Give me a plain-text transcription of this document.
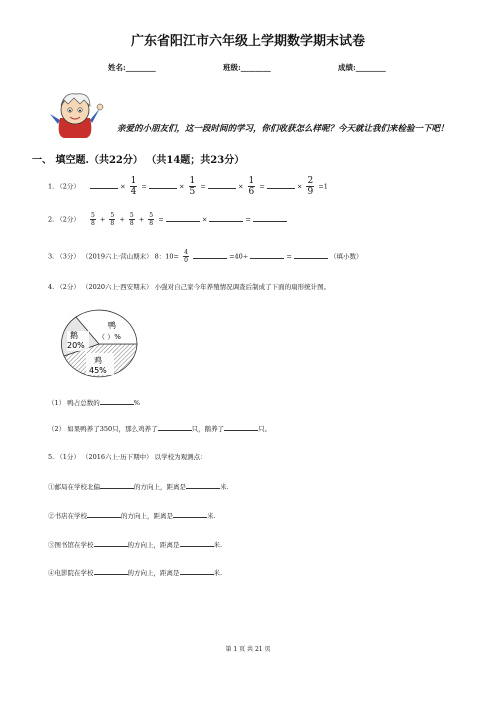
广东省阳江市六年级上学期数学期末试卷
姓名:________	班级:________	成绩:________
亲爱的小朋友们，这一段时间的学习，你们收获怎么样呢？今天就让我们来检验一下吧！
一、 填空题.（共22分） （共14题；共23分）
1. （2分）	× $\frac{1}{4}$ =	× $\frac{1}{5}$ =	× $\frac{1}{6}$ =	× $\frac{2}{9} =1$
2. （2分） $\frac{5}{8} + \frac{5}{8} + \frac{5}{8} + \frac{5}{8}$ =	×	=
3. （3分） （2019六上·营山期末） 8：$10= \frac{4}{0}$	=40÷	=	（填小数）
4. （2分） （2020六上·西安期末） 小强对自己家今年养殖情况调查后制成了下面的扇形统计图。
鹅
20%
鸭
（ ）%
鸡
45%
（1） 鸭占总数的	%
（2） 如果鸭养了350只，那么鸡养了	只，鹅养了	只。
5. （1分） （2016六上·历下期中） 以学校为观测点：
①邮局在学校北偏	的方向上，距离是	米.
②书店在学校	的方向上，距离是	米.
③图书馆在学校	的方向上，距离是	米.
④电影院在学校	的方向上，距离是	米.
第 1 页 共 21 页
